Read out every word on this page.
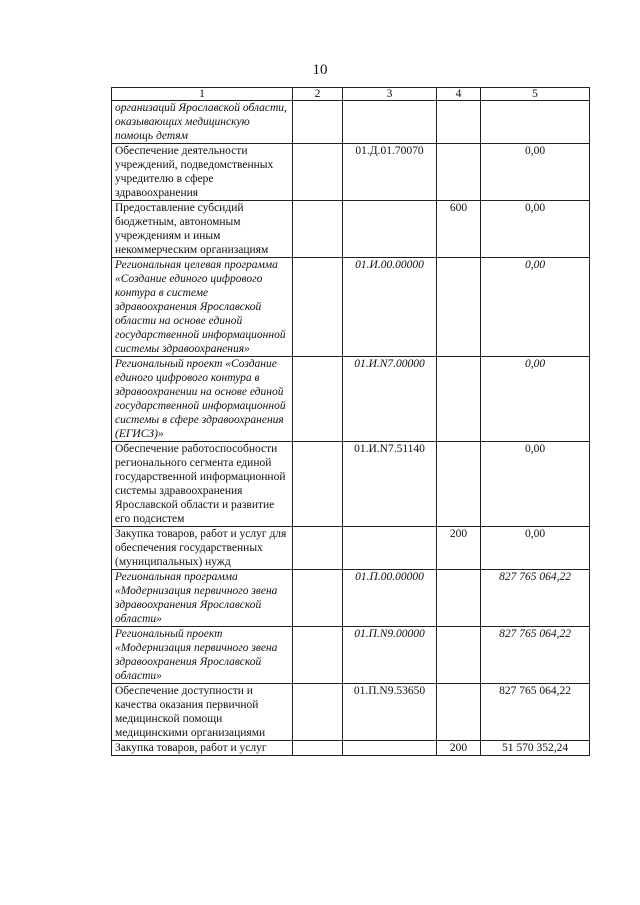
10
1	2	3	4	5
организаций Ярославской области, оказывающих медицинскую помощь детям				
Обеспечение деятельности учреждений, подведомственных учредителю в сфере здравоохранения		01.Д.01.70070		0,00
Предоставление субсидий бюджетным, автономным учреждениям и иным некоммерческим организациям			600	0,00
Региональная целевая программа «Создание единого цифрового контура в системе здравоохранения Ярославской области на основе единой государственной информационной системы здравоохранения»		01.И.00.00000		0,00
Региональный проект «Создание единого цифрового контура в здравоохранении на основе единой государственной информационной системы в сфере здравоохранения (ЕГИСЗ)»		01.И.N7.00000		0,00
Обеспечение работоспособности регионального сегмента единой государственной информационной системы здравоохранения Ярославской области и развитие его подсистем		01.И.N7.51140		0,00
Закупка товаров, работ и услуг для обеспечения государственных (муниципальных) нужд			200	0,00
Региональная программа «Модернизация первичного звена здравоохранения Ярославской области»		01.П.00.00000		827 765 064,22
Региональный проект «Модернизация первичного звена здравоохранения Ярославской области»		01.П.N9.00000		827 765 064,22
Обеспечение доступности и качества оказания первичной медицинской помощи медицинскими организациями		01.П.N9.53650		827 765 064,22
Закупка товаров, работ и услуг			200	51 570 352,24
